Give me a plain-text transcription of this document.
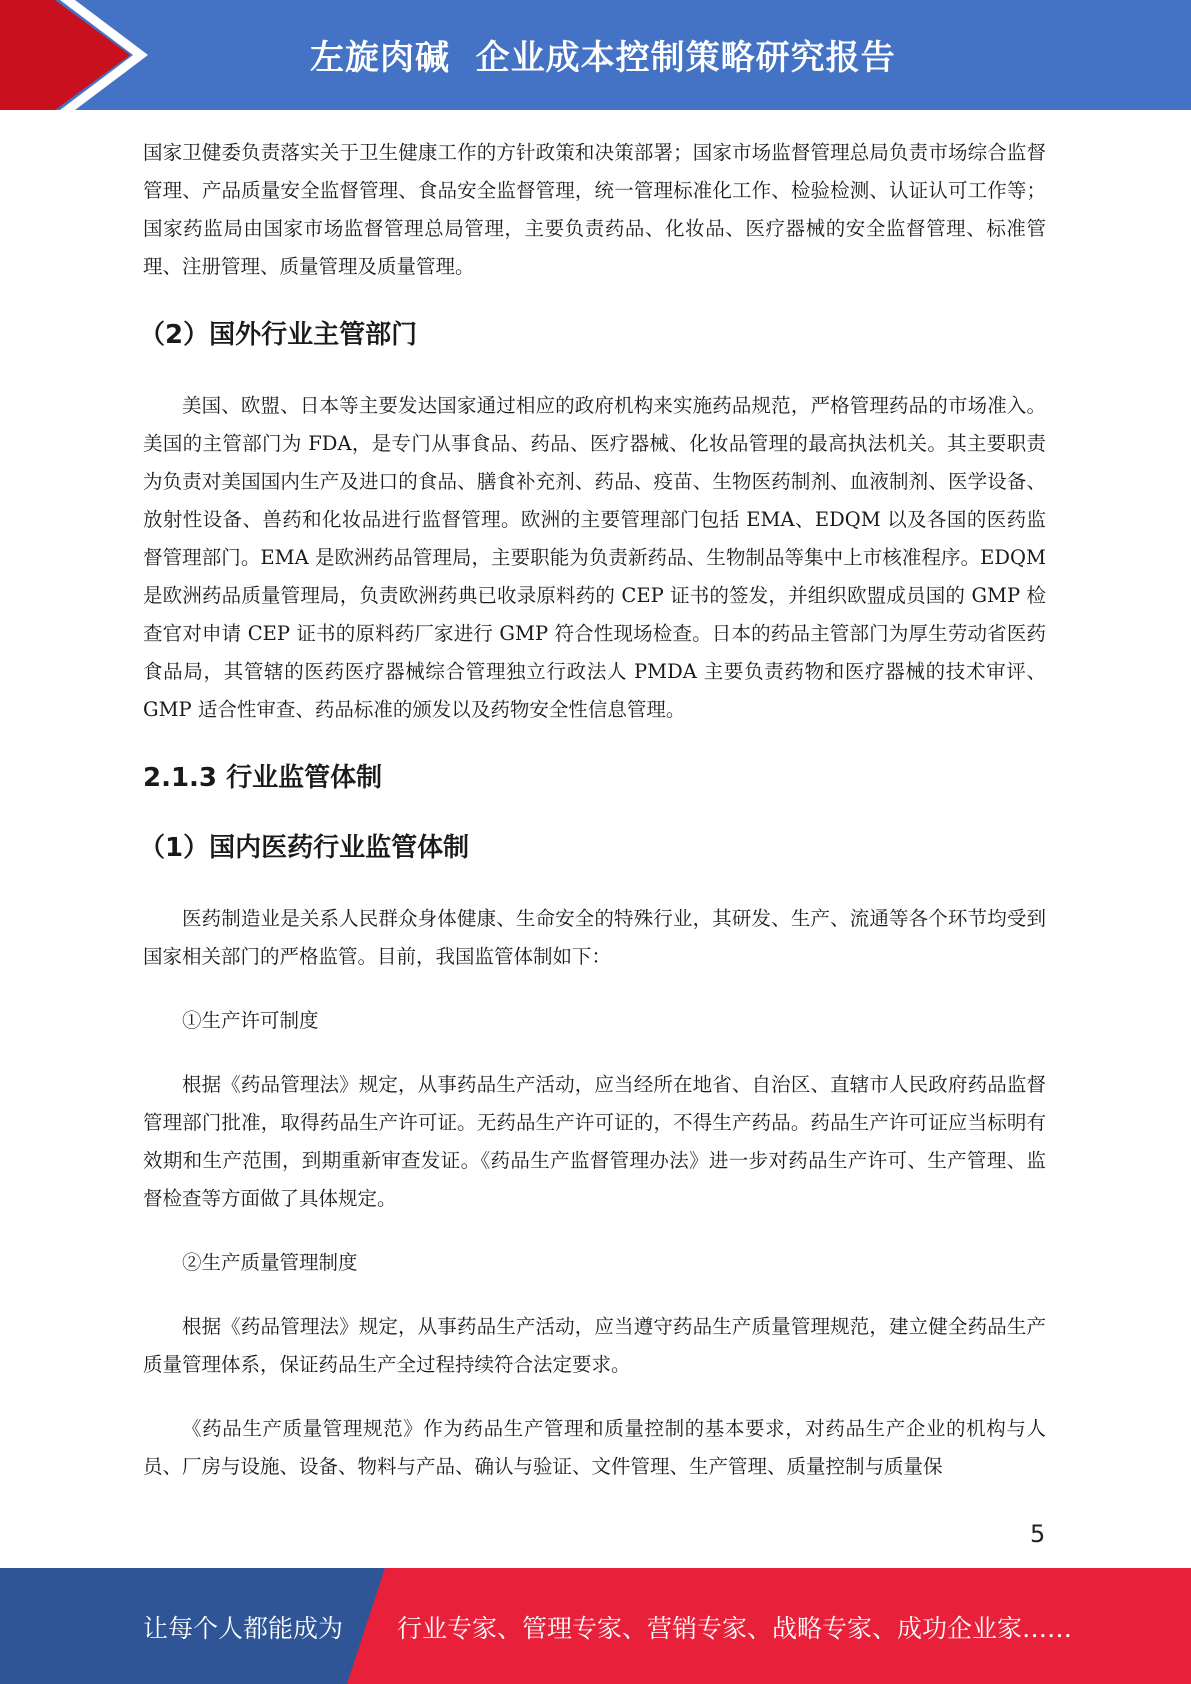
左旋肉碱  企业成本控制策略研究报告

国家卫健委负责落实关于卫生健康工作的方针政策和决策部署；国家市场监督管理总局负责市场综合监督管理、产品质量安全监督管理、食品安全监督管理，统一管理标准化工作、检验检测、认证认可工作等；国家药监局由国家市场监督管理总局管理，主要负责药品、化妆品、医疗器械的安全监督管理、标准管理、注册管理、质量管理及质量管理。

（2）国外行业主管部门

美国、欧盟、日本等主要发达国家通过相应的政府机构来实施药品规范，严格管理药品的市场准入。美国的主管部门为 FDA，是专门从事食品、药品、医疗器械、化妆品管理的最高执法机关。其主要职责为负责对美国国内生产及进口的食品、膳食补充剂、药品、疫苗、生物医药制剂、血液制剂、医学设备、放射性设备、兽药和化妆品进行监督管理。欧洲的主要管理部门包括 EMA、EDQM 以及各国的医药监督管理部门。EMA 是欧洲药品管理局，主要职能为负责新药品、生物制品等集中上市核准程序。EDQM 是欧洲药品质量管理局，负责欧洲药典已收录原料药的 CEP 证书的签发，并组织欧盟成员国的 GMP 检查官对申请 CEP 证书的原料药厂家进行 GMP 符合性现场检查。日本的药品主管部门为厚生劳动省医药食品局，其管辖的医药医疗器械综合管理独立行政法人 PMDA 主要负责药物和医疗器械的技术审评、GMP 适合性审查、药品标准的颁发以及药物安全性信息管理。

2.1.3 行业监管体制

（1）国内医药行业监管体制

医药制造业是关系人民群众身体健康、生命安全的特殊行业，其研发、生产、流通等各个环节均受到国家相关部门的严格监管。目前，我国监管体制如下：

①生产许可制度

根据《药品管理法》规定，从事药品生产活动，应当经所在地省、自治区、直辖市人民政府药品监督管理部门批准，取得药品生产许可证。无药品生产许可证的，不得生产药品。药品生产许可证应当标明有效期和生产范围，到期重新审查发证。《药品生产监督管理办法》进一步对药品生产许可、生产管理、监督检查等方面做了具体规定。

②生产质量管理制度

根据《药品管理法》规定，从事药品生产活动，应当遵守药品生产质量管理规范，建立健全药品生产质量管理体系，保证药品生产全过程持续符合法定要求。

《药品生产质量管理规范》作为药品生产管理和质量控制的基本要求，对药品生产企业的机构与人员、厂房与设施、设备、物料与产品、确认与验证、文件管理、生产管理、质量控制与质量保

5
让每个人都能成为 行业专家、管理专家、营销专家、战略专家、成功企业家……
